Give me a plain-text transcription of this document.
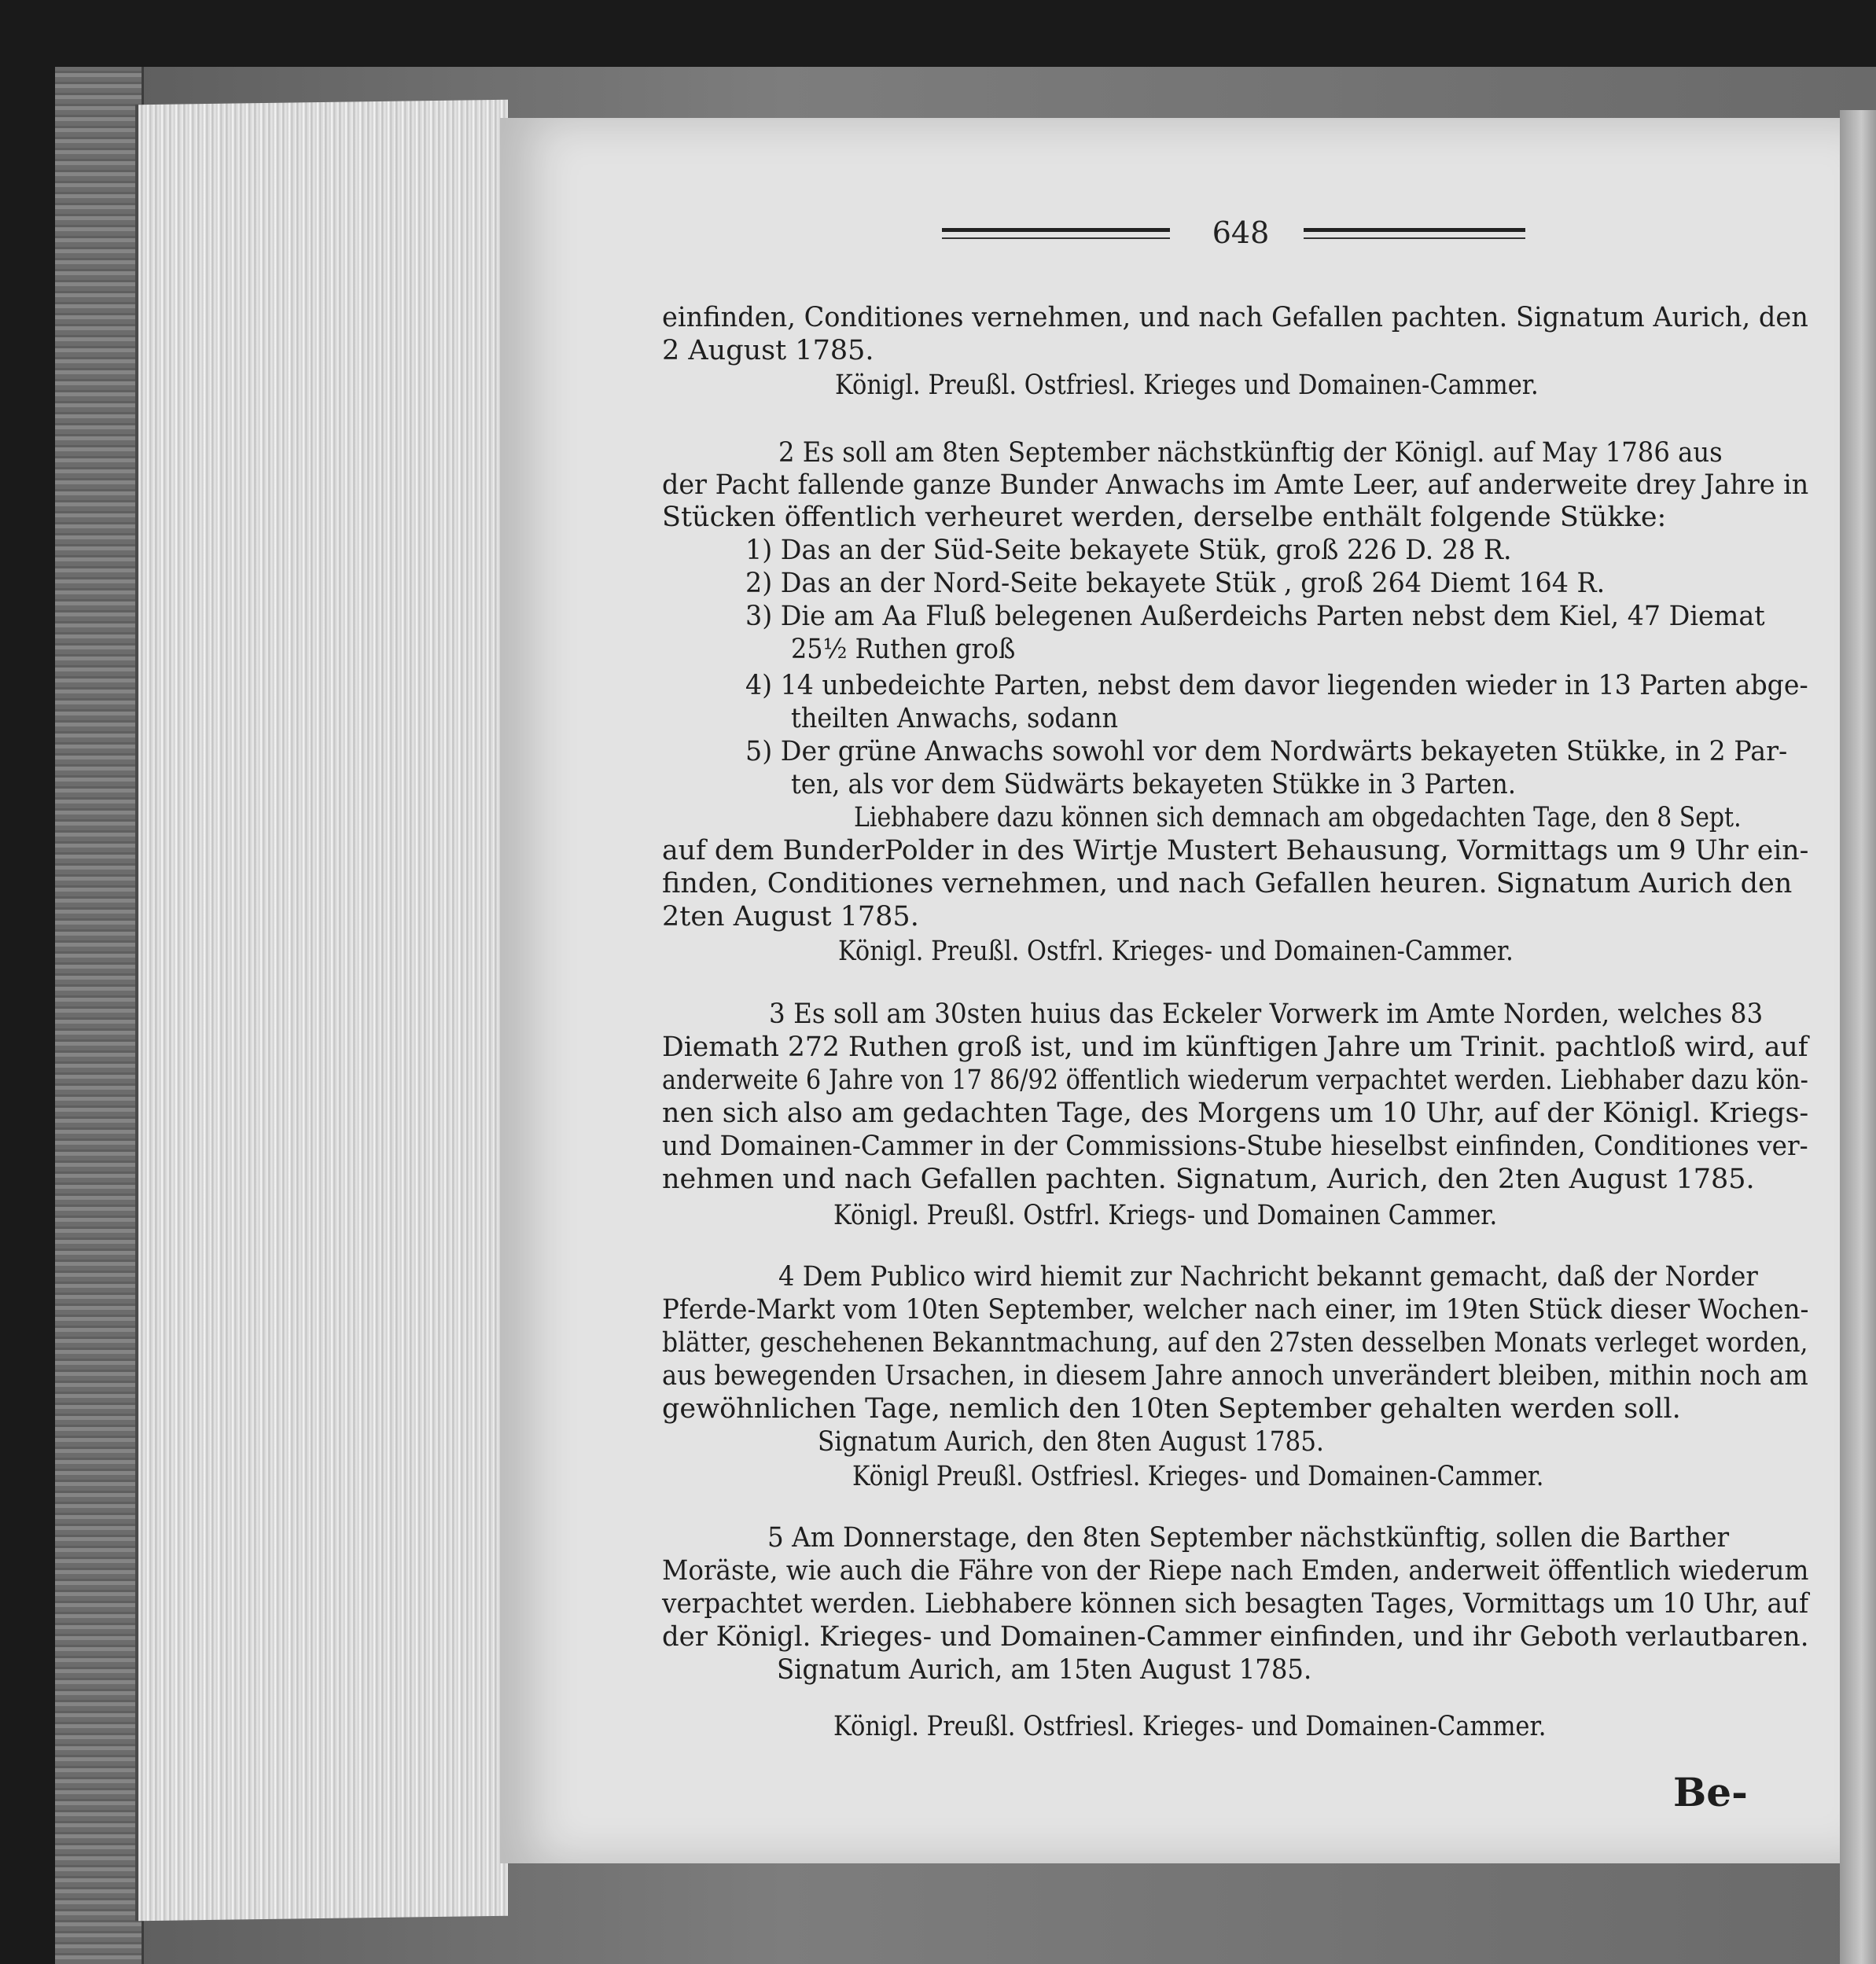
648
einfinden, Conditiones vernehmen, und nach Gefallen pachten. Signatum Aurich, den
2 August 1785.
Königl. Preußl. Ostfriesl. Krieges und Domainen-Cammer.
2 Es soll am 8ten September nächstkünftig der Königl. auf May 1786 aus
der Pacht fallende ganze Bunder Anwachs im Amte Leer, auf anderweite drey Jahre in
Stücken öffentlich verheuret werden, derselbe enthält folgende Stükke:
1) Das an der Süd-Seite bekayete Stük, groß 226 D. 28 R.
2) Das an der Nord-Seite bekayete Stük , groß 264 Diemt 164 R.
3) Die am Aa Fluß belegenen Außerdeichs Parten nebst dem Kiel, 47 Diemat
25½ Ruthen groß
4) 14 unbedeichte Parten, nebst dem davor liegenden wieder in 13 Parten abge-
theilten Anwachs, sodann
5) Der grüne Anwachs sowohl vor dem Nordwärts bekayeten Stükke, in 2 Par-
ten, als vor dem Südwärts bekayeten Stükke in 3 Parten.
Liebhabere dazu können sich demnach am obgedachten Tage, den 8 Sept.
auf dem BunderPolder in des Wirtje Mustert Behausung, Vormittags um 9 Uhr ein-
finden, Conditiones vernehmen, und nach Gefallen heuren. Signatum Aurich den
2ten August 1785.
Königl. Preußl. Ostfrl. Krieges- und Domainen-Cammer.
3 Es soll am 30sten huius das Eckeler Vorwerk im Amte Norden, welches 83
Diemath 272 Ruthen groß ist, und im künftigen Jahre um Trinit. pachtloß wird, auf
anderweite 6 Jahre von 17 86/92 öffentlich wiederum verpachtet werden. Liebhaber dazu kön-
nen sich also am gedachten Tage, des Morgens um 10 Uhr, auf der Königl. Kriegs-
und Domainen-Cammer in der Commissions-Stube hieselbst einfinden, Conditiones ver-
nehmen und nach Gefallen pachten. Signatum, Aurich, den 2ten August 1785.
Königl. Preußl. Ostfrl. Kriegs- und Domainen Cammer.
4 Dem Publico wird hiemit zur Nachricht bekannt gemacht, daß der Norder
Pferde-Markt vom 10ten September, welcher nach einer, im 19ten Stück dieser Wochen-
blätter, geschehenen Bekanntmachung, auf den 27sten desselben Monats verleget worden,
aus bewegenden Ursachen, in diesem Jahre annoch unverändert bleiben, mithin noch am
gewöhnlichen Tage, nemlich den 10ten September gehalten werden soll.
Signatum Aurich, den 8ten August 1785.
Königl Preußl. Ostfriesl. Krieges- und Domainen-Cammer.
5 Am Donnerstage, den 8ten September nächstkünftig, sollen die Barther
Moräste, wie auch die Fähre von der Riepe nach Emden, anderweit öffentlich wiederum
verpachtet werden. Liebhabere können sich besagten Tages, Vormittags um 10 Uhr, auf
der Königl. Krieges- und Domainen-Cammer einfinden, und ihr Geboth verlautbaren.
Signatum Aurich, am 15ten August 1785.
Königl. Preußl. Ostfriesl. Krieges- und Domainen-Cammer.
Be-
